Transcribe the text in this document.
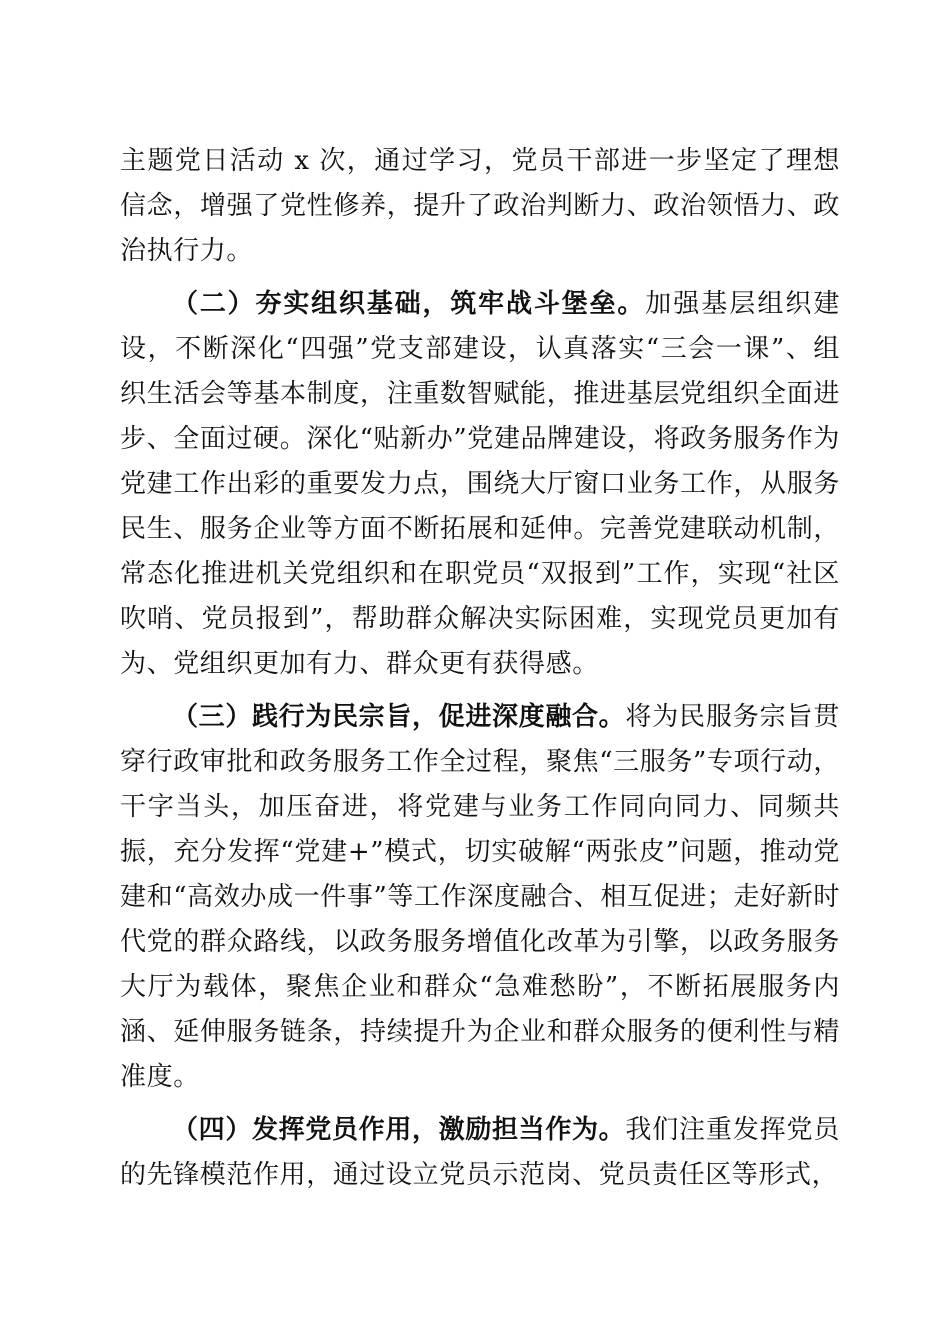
主题党日活动 x 次，通过学习，党员干部进一步坚定了理想信念，增强了党性修养，提升了政治判断力、政治领悟力、政治执行力。

（二）夯实组织基础，筑牢战斗堡垒。加强基层组织建设，不断深化“四强”党支部建设，认真落实“三会一课”、组织生活会等基本制度，注重数智赋能，推进基层党组织全面进步、全面过硬。深化“贴新办”党建品牌建设，将政务服务作为党建工作出彩的重要发力点，围绕大厅窗口业务工作，从服务民生、服务企业等方面不断拓展和延伸。完善党建联动机制，常态化推进机关党组织和在职党员“双报到”工作，实现“社区吹哨、党员报到”，帮助群众解决实际困难，实现党员更加有为、党组织更加有力、群众更有获得感。

（三）践行为民宗旨，促进深度融合。将为民服务宗旨贯穿行政审批和政务服务工作全过程，聚焦“三服务”专项行动，干字当头，加压奋进，将党建与业务工作同向同力、同频共振，充分发挥“党建+”模式，切实破解“两张皮”问题，推动党建和“高效办成一件事”等工作深度融合、相互促进；走好新时代党的群众路线，以政务服务增值化改革为引擎，以政务服务大厅为载体，聚焦企业和群众“急难愁盼”，不断拓展服务内涵、延伸服务链条，持续提升为企业和群众服务的便利性与精准度。

（四）发挥党员作用，激励担当作为。我们注重发挥党员的先锋模范作用，通过设立党员示范岗、党员责任区等形式，
